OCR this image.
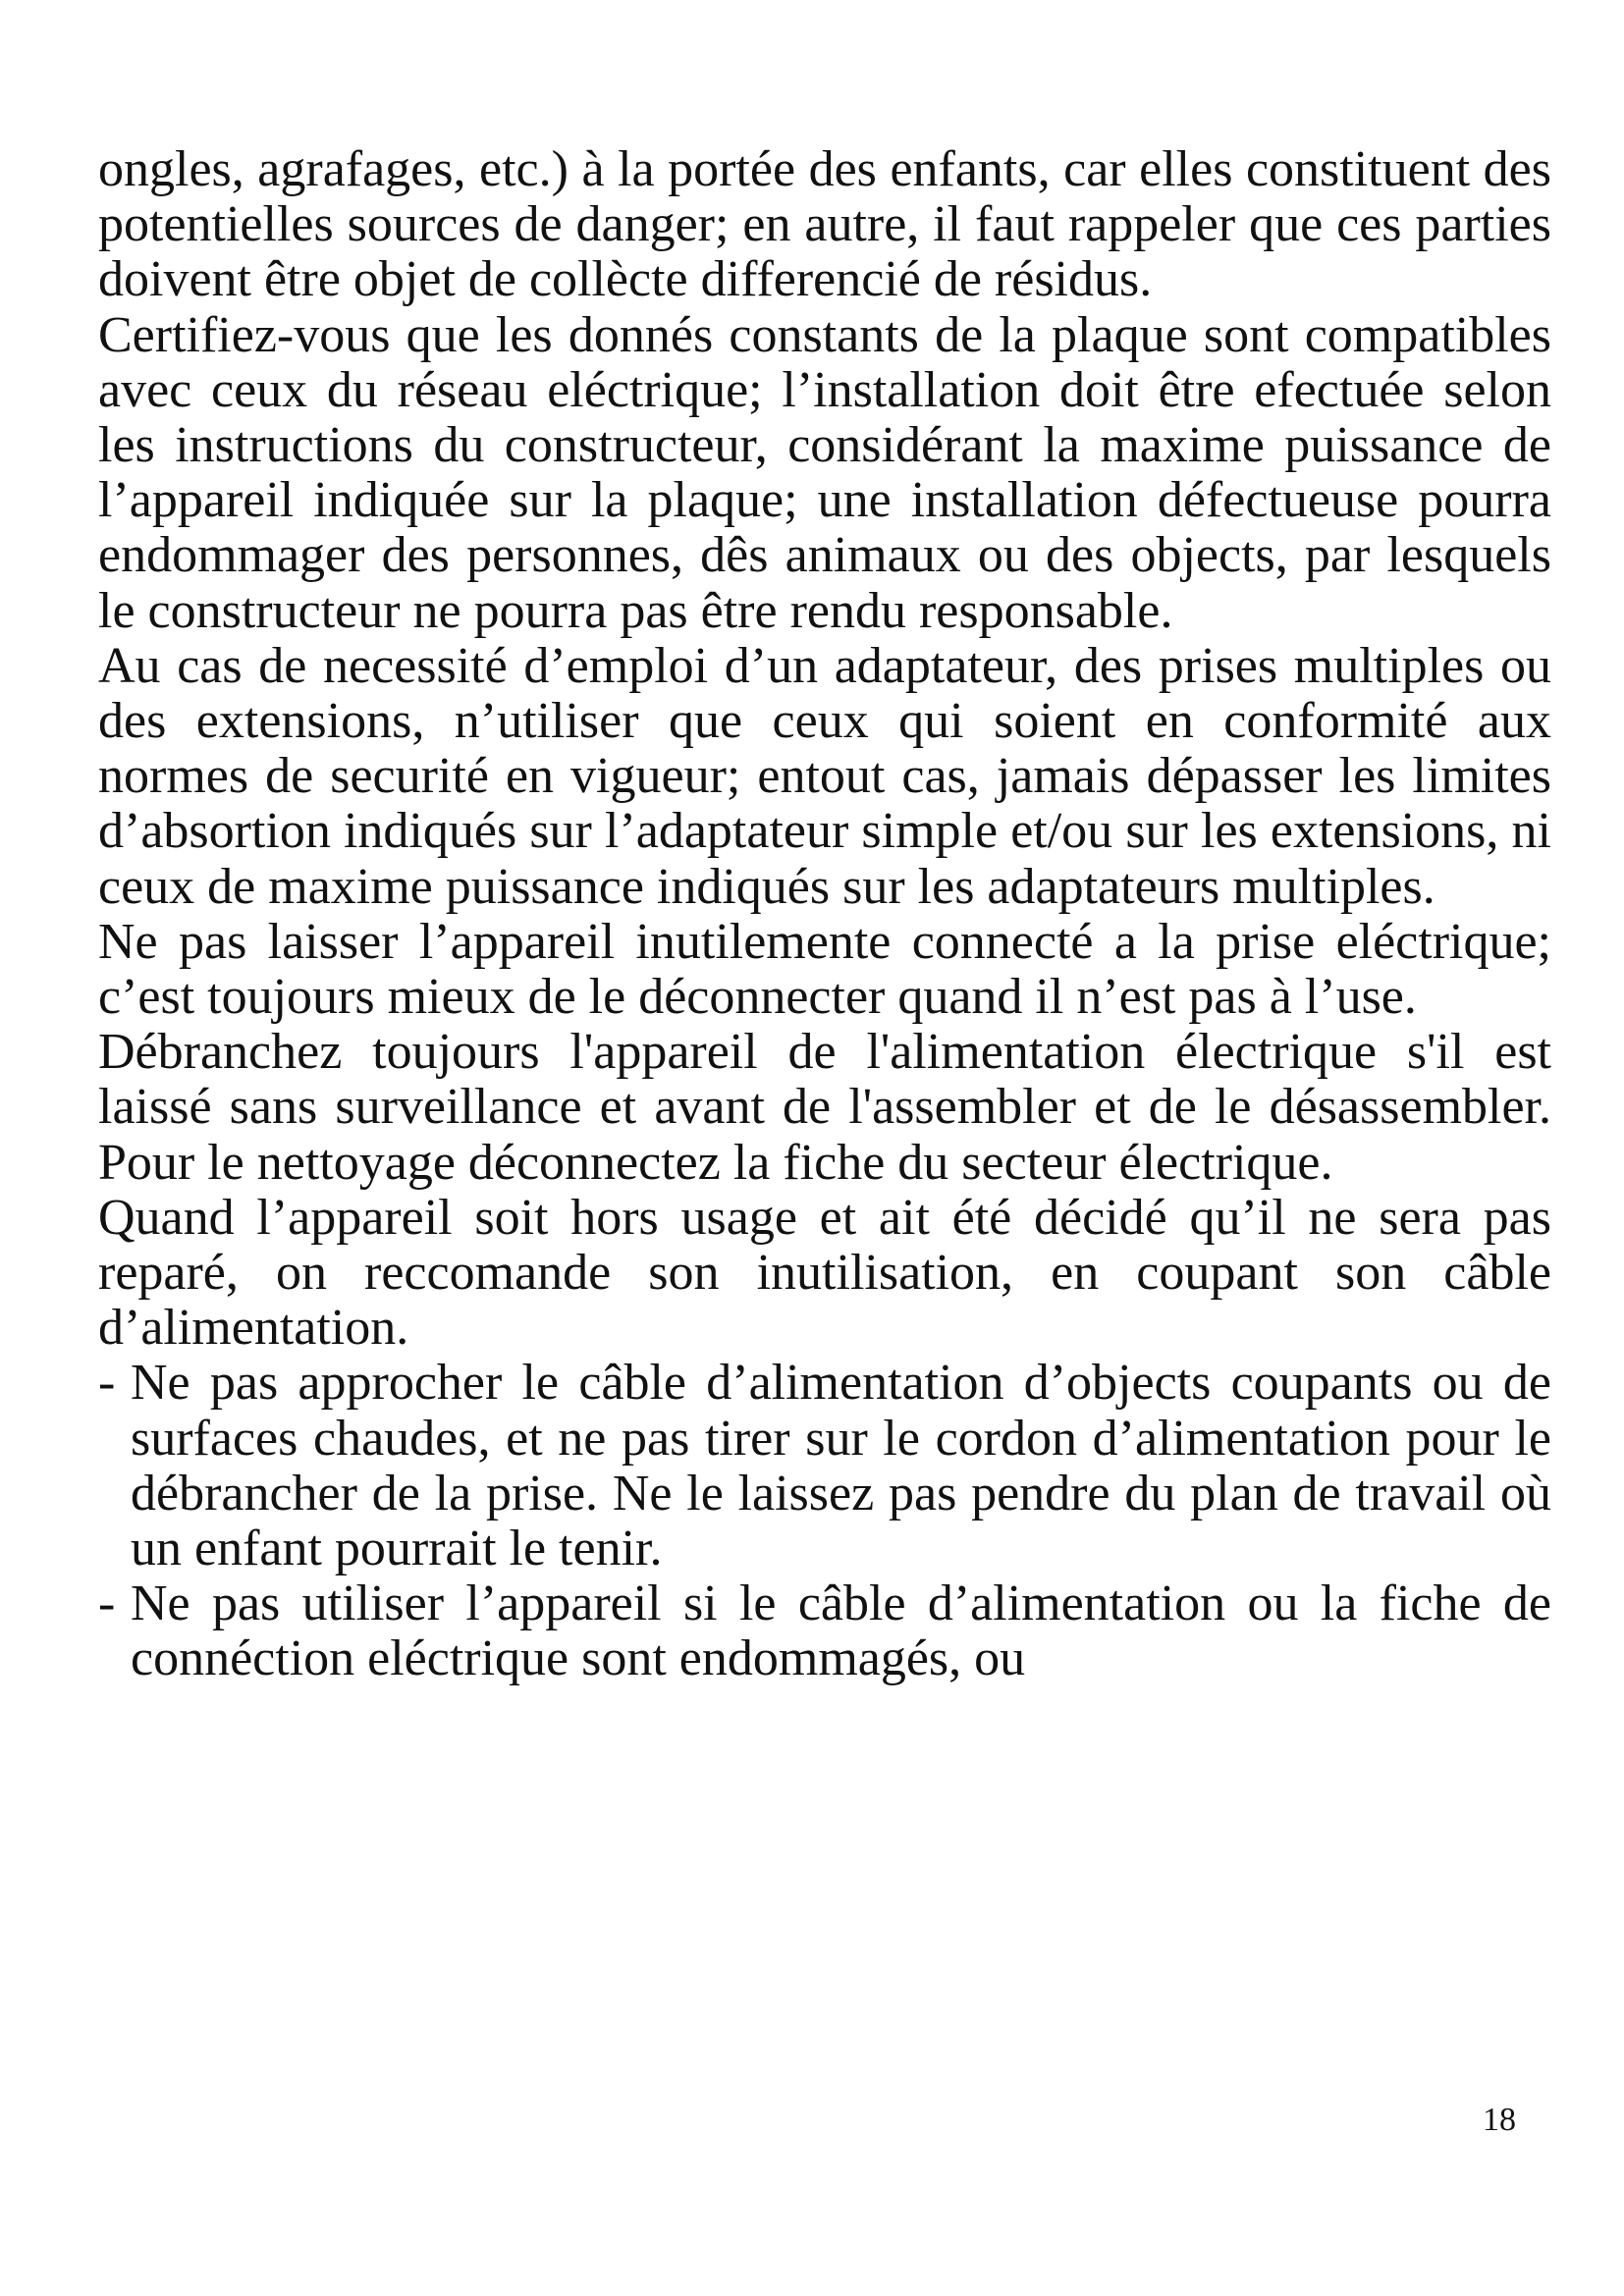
ongles, agrafages, etc.) à la portée des enfants, car elles constituent des potentielles sources de danger; en autre, il faut rappeler que ces parties doivent être objet de collècte differencié de résidus.

Certifiez-vous que les donnés constants de la plaque sont compatibles avec ceux du réseau eléctrique; l’installation doit être efectuée selon les instructions du constructeur, considérant la maxime puissance de l’appareil indiquée sur la plaque; une installation défectueuse pourra endommager des personnes, dês animaux ou des objects, par lesquels le constructeur ne pourra pas être rendu responsable.

Au cas de necessité d’emploi d’un adaptateur, des prises multiples ou des extensions, n’utiliser que ceux qui soient en conformité aux normes de securité en vigueur; entout cas, jamais dépasser les limites d’absortion indiqués sur l’adaptateur simple et/ou sur les extensions, ni ceux de maxime puissance indiqués sur les adaptateurs multiples.

Ne pas laisser l’appareil inutilemente connecté a la prise eléctrique; c’est toujours mieux de le déconnecter quand il n’est pas à l’use.

Débranchez toujours l'appareil de l'alimentation électrique s'il est laissé sans surveillance et avant de l'assembler et de le désassembler. Pour le nettoyage déconnectez la fiche du secteur électrique.

Quand l’appareil soit hors usage et ait été décidé qu’il ne sera pas reparé, on reccomande son inutilisation, en coupant son câble d’alimentation.

- Ne pas approcher le câble d’alimentation d’objects coupants ou de surfaces chaudes, et ne pas tirer sur le cordon d’alimentation pour le débrancher de la prise. Ne le laissez pas pendre du plan de travail où un enfant pourrait le tenir.
- Ne pas utiliser l’appareil si le câble d’alimentation ou la fiche de connéction eléctrique sont endommagés, ou
18
